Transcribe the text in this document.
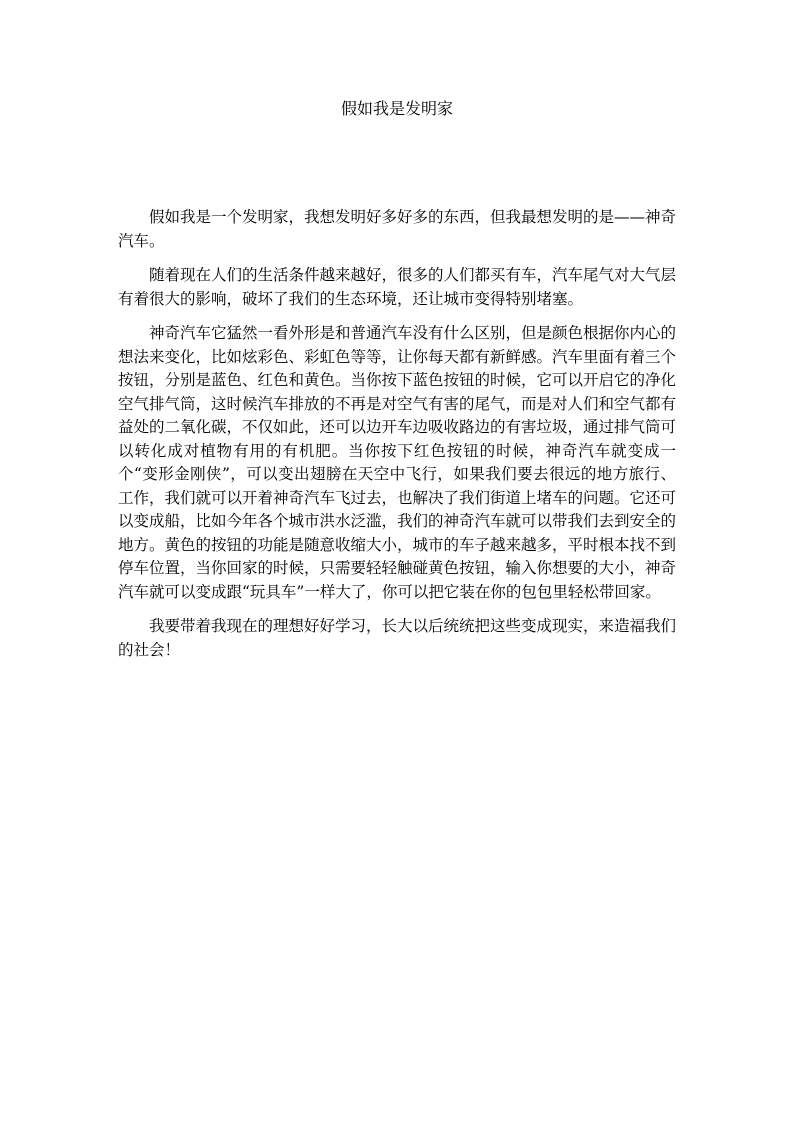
假如我是发明家

假如我是一个发明家，我想发明好多好多的东西，但我最想发明的是——神奇汽车。

随着现在人们的生活条件越来越好，很多的人们都买有车，汽车尾气对大气层有着很大的影响，破坏了我们的生态环境，还让城市变得特别堵塞。

神奇汽车它猛然一看外形是和普通汽车没有什么区别，但是颜色根据你内心的想法来变化，比如炫彩色、彩虹色等等，让你每天都有新鲜感。汽车里面有着三个按钮，分别是蓝色、红色和黄色。当你按下蓝色按钮的时候，它可以开启它的净化空气排气筒，这时候汽车排放的不再是对空气有害的尾气，而是对人们和空气都有益处的二氧化碳，不仅如此，还可以边开车边吸收路边的有害垃圾，通过排气筒可以转化成对植物有用的有机肥。当你按下红色按钮的时候，神奇汽车就变成一个“变形金刚侠”，可以变出翅膀在天空中飞行，如果我们要去很远的地方旅行、工作，我们就可以开着神奇汽车飞过去，也解决了我们街道上堵车的问题。它还可以变成船，比如今年各个城市洪水泛滥，我们的神奇汽车就可以带我们去到安全的地方。黄色的按钮的功能是随意收缩大小，城市的车子越来越多，平时根本找不到停车位置，当你回家的时候，只需要轻轻触碰黄色按钮，输入你想要的大小，神奇汽车就可以变成跟“玩具车”一样大了，你可以把它装在你的包包里轻松带回家。

我要带着我现在的理想好好学习，长大以后统统把这些变成现实，来造福我们的社会！
